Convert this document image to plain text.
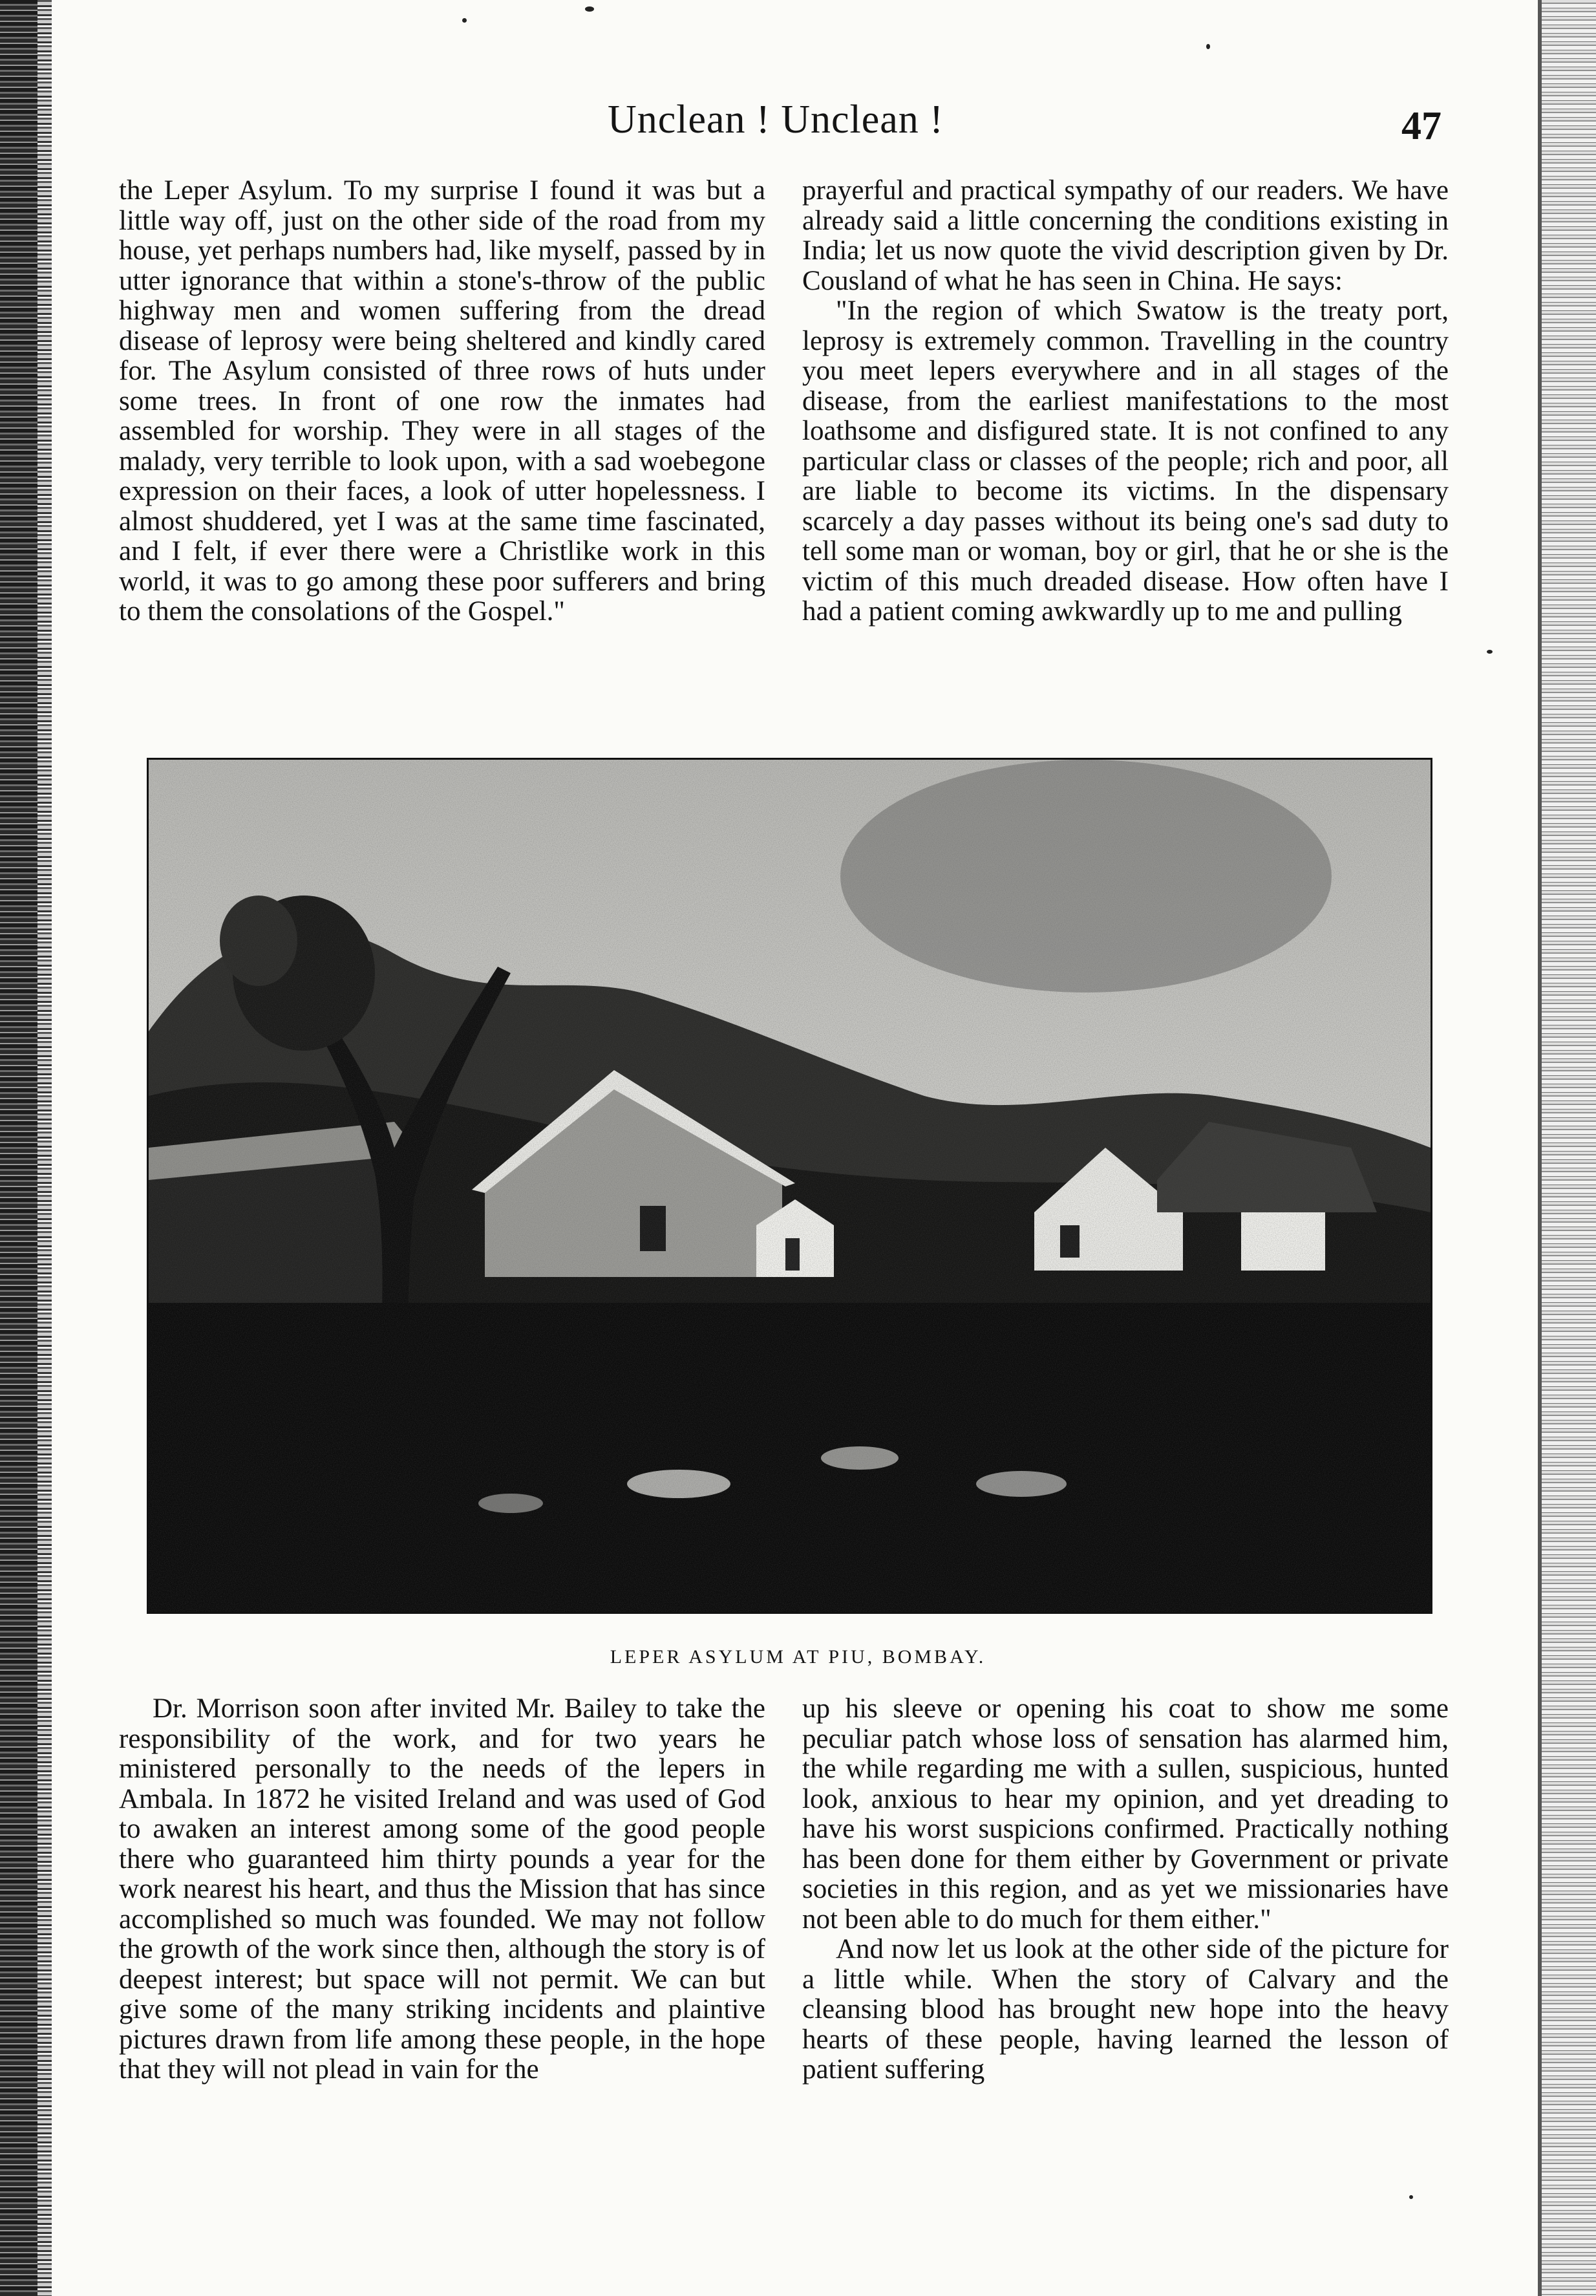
Unclean ! Unclean !	47

the Leper Asylum. To my surprise I found it was but a little way off, just on the other side of the road from my house, yet perhaps numbers had, like myself, passed by in utter ignorance that within a stone's-throw of the public highway men and women suffering from the dread disease of leprosy were being sheltered and kindly cared for. The Asylum consisted of three rows of huts under some trees. In front of one row the inmates had assembled for worship. They were in all stages of the malady, very terrible to look upon, with a sad woebegone expression on their faces, a look of utter hopelessness. I almost shuddered, yet I was at the same time fascinated, and I felt, if ever there were a Christlike work in this world, it was to go among these poor sufferers and bring to them the consolations of the Gospel."

prayerful and practical sympathy of our readers. We have already said a little concerning the conditions existing in India; let us now quote the vivid description given by Dr. Cousland of what he has seen in China. He says:

"In the region of which Swatow is the treaty port, leprosy is extremely common. Travelling in the country you meet lepers everywhere and in all stages of the disease, from the earliest manifestations to the most loathsome and disfigured state. It is not confined to any particular class or classes of the people; rich and poor, all are liable to become its victims. In the dispensary scarcely a day passes without its being one's sad duty to tell some man or woman, boy or girl, that he or she is the victim of this much dreaded disease. How often have I had a patient coming awkwardly up to me and pulling

LEPER ASYLUM AT PIU, BOMBAY.

Dr. Morrison soon after invited Mr. Bailey to take the responsibility of the work, and for two years he ministered personally to the needs of the lepers in Ambala. In 1872 he visited Ireland and was used of God to awaken an interest among some of the good people there who guaranteed him thirty pounds a year for the work nearest his heart, and thus the Mission that has since accomplished so much was founded. We may not follow the growth of the work since then, although the story is of deepest interest; but space will not permit. We can but give some of the many striking incidents and plaintive pictures drawn from life among these people, in the hope that they will not plead in vain for the

up his sleeve or opening his coat to show me some peculiar patch whose loss of sensation has alarmed him, the while regarding me with a sullen, suspicious, hunted look, anxious to hear my opinion, and yet dreading to have his worst suspicions confirmed. Practically nothing has been done for them either by Government or private societies in this region, and as yet we missionaries have not been able to do much for them either."

And now let us look at the other side of the picture for a little while. When the story of Calvary and the cleansing blood has brought new hope into the heavy hearts of these people, having learned the lesson of patient suffering
